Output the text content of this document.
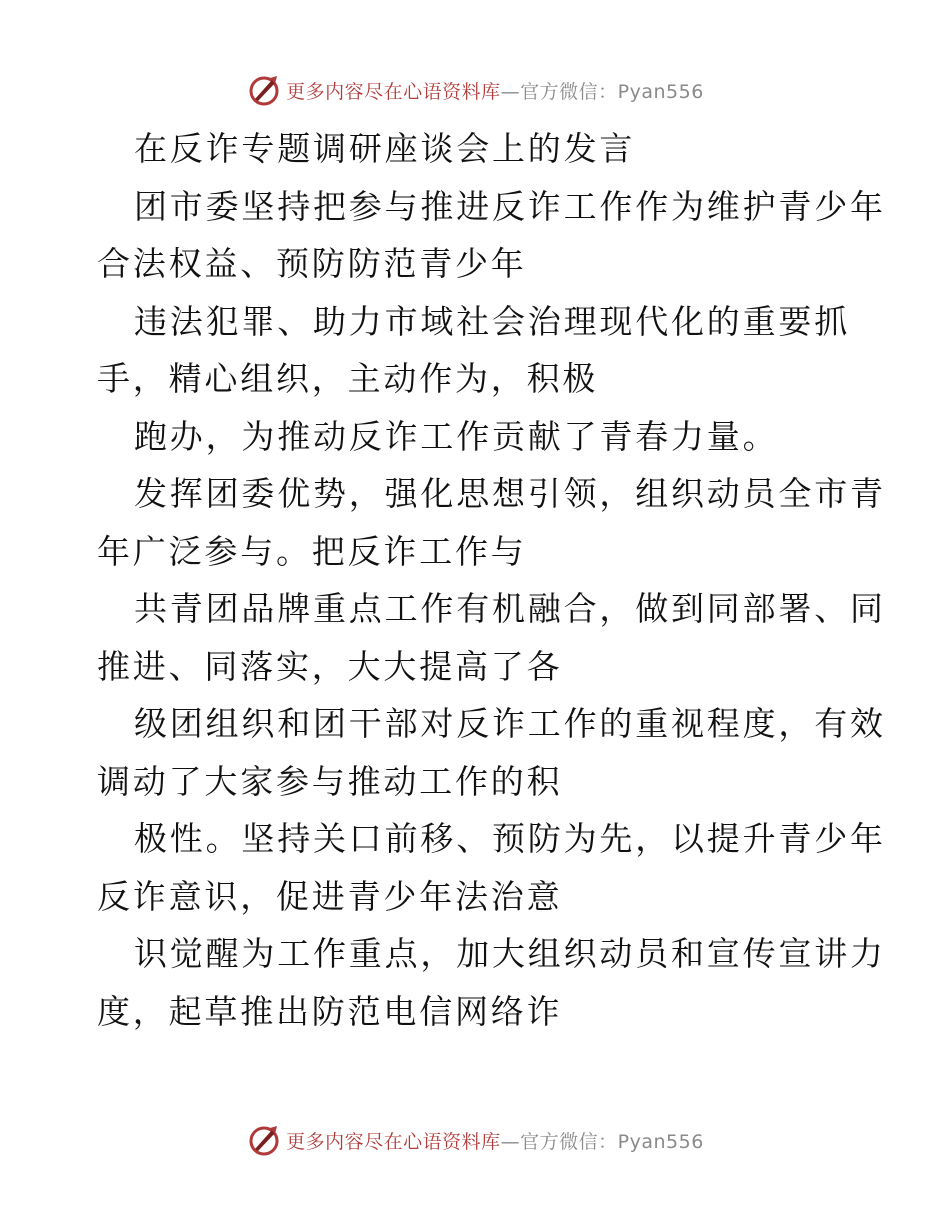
更多内容尽在心语资料库—官方微信：Pyan556

在反诈专题调研座谈会上的发言

团市委坚持把参与推进反诈工作作为维护青少年

合法权益、预防防范青少年

违法犯罪、助力市域社会治理现代化的重要抓

手，精心组织，主动作为，积极

跑办，为推动反诈工作贡献了青春力量。

发挥团委优势，强化思想引领，组织动员全市青

年广泛参与。把反诈工作与

共青团品牌重点工作有机融合，做到同部署、同

推进、同落实，大大提高了各

级团组织和团干部对反诈工作的重视程度，有效

调动了大家参与推动工作的积

极性。坚持关口前移、预防为先，以提升青少年

反诈意识，促进青少年法治意

识觉醒为工作重点，加大组织动员和宣传宣讲力

度，起草推出防范电信网络诈

更多内容尽在心语资料库—官方微信：Pyan556
